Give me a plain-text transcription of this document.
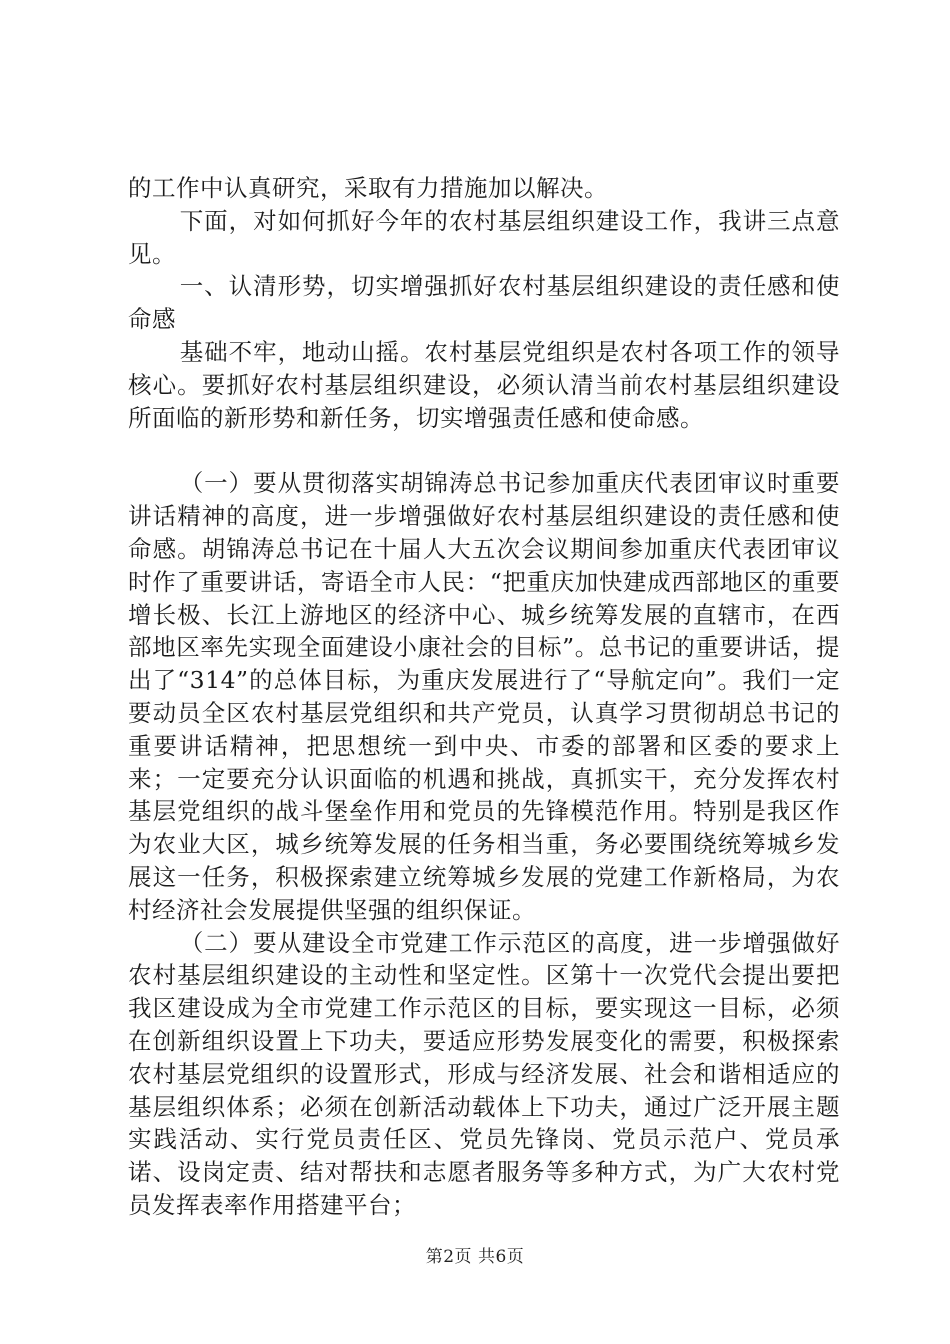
的工作中认真研究，采取有力措施加以解决。

下面，对如何抓好今年的农村基层组织建设工作，我讲三点意见。

一、认清形势，切实增强抓好农村基层组织建设的责任感和使命感

基础不牢，地动山摇。农村基层党组织是农村各项工作的领导核心。要抓好农村基层组织建设，必须认清当前农村基层组织建设所面临的新形势和新任务，切实增强责任感和使命感。

（一）要从贯彻落实胡锦涛总书记参加重庆代表团审议时重要讲话精神的高度，进一步增强做好农村基层组织建设的责任感和使命感。胡锦涛总书记在十届人大五次会议期间参加重庆代表团审议时作了重要讲话，寄语全市人民：“把重庆加快建成西部地区的重要增长极、长江上游地区的经济中心、城乡统筹发展的直辖市，在西部地区率先实现全面建设小康社会的目标”。总书记的重要讲话，提出了“314”的总体目标，为重庆发展进行了“导航定向”。我们一定要动员全区农村基层党组织和共产党员，认真学习贯彻胡总书记的重要讲话精神，把思想统一到中央、市委的部署和区委的要求上来；一定要充分认识面临的机遇和挑战，真抓实干，充分发挥农村基层党组织的战斗堡垒作用和党员的先锋模范作用。特别是我区作为农业大区，城乡统筹发展的任务相当重，务必要围绕统筹城乡发展这一任务，积极探索建立统筹城乡发展的党建工作新格局，为农村经济社会发展提供坚强的组织保证。

（二）要从建设全市党建工作示范区的高度，进一步增强做好农村基层组织建设的主动性和坚定性。区第十一次党代会提出要把我区建设成为全市党建工作示范区的目标，要实现这一目标，必须在创新组织设置上下功夫，要适应形势发展变化的需要，积极探索农村基层党组织的设置形式，形成与经济发展、社会和谐相适应的基层组织体系；必须在创新活动载体上下功夫，通过广泛开展主题实践活动、实行党员责任区、党员先锋岗、党员示范户、党员承诺、设岗定责、结对帮扶和志愿者服务等多种方式，为广大农村党员发挥表率作用搭建平台；

第2页 共6页
